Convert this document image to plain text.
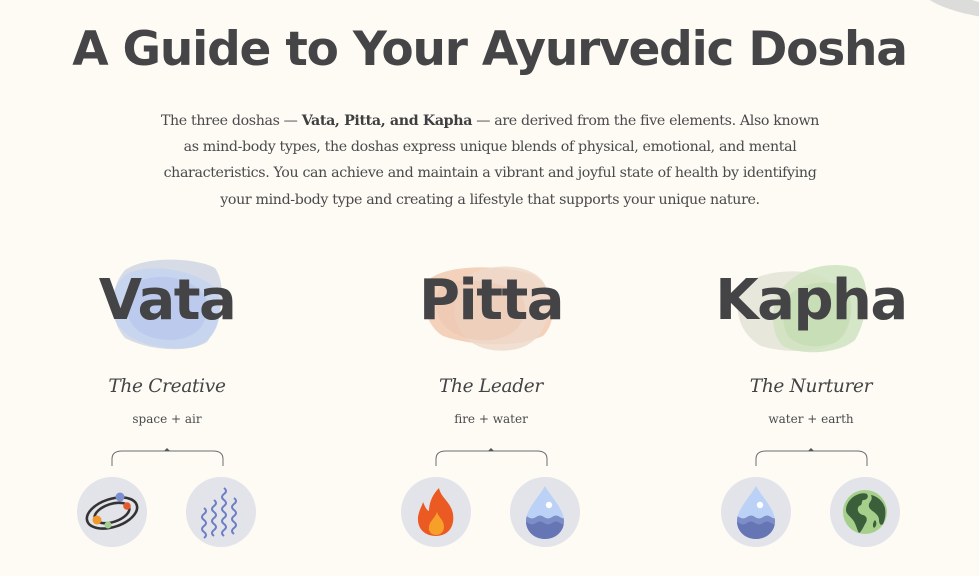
A Guide to Your Ayurvedic Dosha

The three doshas — Vata, Pitta, and Kapha — are derived from the five elements. Also known as mind-body types, the doshas express unique blends of physical, emotional, and mental characteristics. You can achieve and maintain a vibrant and joyful state of health by identifying your mind-body type and creating a lifestyle that supports your unique nature.

Vata
The Creative
space + air
Pitta
The Leader
fire + water
Kapha
The Nurturer
water + earth
